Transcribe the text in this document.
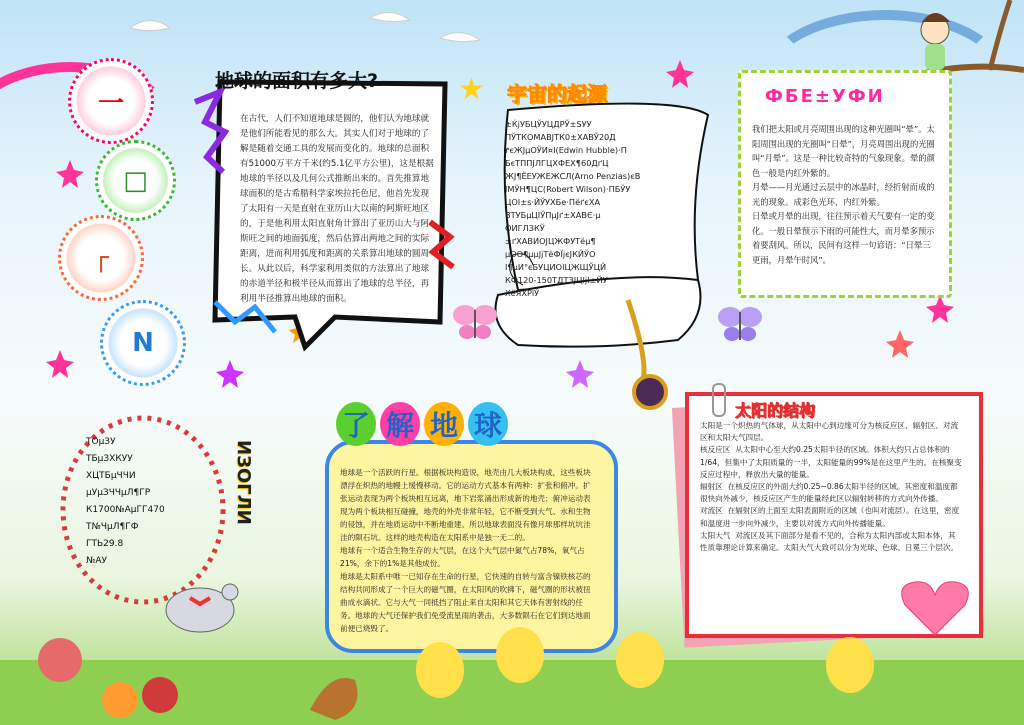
一
□
┌
N
地球的面积有多大?
在古代，人们不知道地球是圆的，他们认为地球就是他们所能看见的那么大。其实人们对于地球的了解是随着交通工具的发展而变化的。地球的总面积有51000万平方千米(约5.1亿平方公里)，这是根据地球的半径以及几何公式推断出来的。首先推算地球面积的是古希腊科学家埃拉托色尼，他首先发现了太阳有一天是直射在亚历山大以南的阿斯旺地区的，于是他利用太阳直射角计算出了亚历山大与阿斯旺之间的地面弧度，然后估算出两地之间的实际距离，进而利用弧度和距离的关系算出地球的圆周长。从此以后，科学家利用类似的方法算出了地球的赤道半径和极半径从而算出了地球的总半径，再利用半径推算出地球的面积。
★ 宇宙的起源
±ЌјУБЦЎУЦДРЎ±ЅУУ
ПЎТКОМАВЈТК߀±ХАВЎ20Д
۳єЖЈµОЎИ¤І(Edwin Hubble)·П
БєТППЈЛГЦХФЕХ¶60ДґЦ
ЖЈ¶ЁЕУЖЕЖСЛ(Arno Penzias)єВ
ІМЎН¶ЦС(Robert Wilson)·ПБЎУ
ЦОІ±s·ЙЎУХБе·ПёґєХА
ВТУБµЦІЎПµЈґ±ХАВЄ·µ
ОИГЛЗКЎ
±ґХАВИОЈЦЖФУТёµ¶
µОО¶µµЈјТёФЇјєЈКЙЎО
І¶µИ°єБУЦИОІЦЖЩЎЦЙ
КФ120-150ТДТЗЈЦІјІ±ЙУ
ХёЯХРіЎ
ФБЕ±УФИ
我们把太阳或月亮周围出现的这种光圈叫“晕”。太阳周围出现的光圈叫“日晕”，月亮周围出现的光圈叫“月晕”。这是一种比较奇特的气象现象。晕的颜色一般是内红外紫的。
月晕——月光通过云层中的冰晶时，经折射而成的光的现象。成彩色光环，内红外紫。
日晕或月晕的出现，往往预示着天气要有一定的变化。一般日晕预示下雨的可能性大，而月晕多预示着要刮风。所以，民间有这样一句谚语：“日晕三更雨，月晕午时风”。
ТОµЗУ
ТБµЗХКУУ
ХЦТБµЧЧИ
µУµЗЧЧµЛ¶ГР
К1700№АµГГ470
Т№ЧµЛ¶ГФ
ГТЬ29.8
№АУ
ИЗОГЛИ
了 解 地 球
地球是一个活跃的行星。根据板块构造说，地壳由几大板块构成，这些板块漂浮在炽热的地幔上缓慢移动。它的运动方式基本有两种：扩张和俯冲。扩张运动表现为两个板块相互远离，地下岩浆涌出形成新的地壳；俯冲运动表现为两个板块相互碰撞，地壳的外壳非常年轻，它不断受到大气、水和生物的侵蚀，并在地质运动中不断地重建。所以地球表面没有像月球那样坑坑洼洼的陨石坑。这样的地壳构造在太阳系中是独一无二的。
地球有一个适合生物生存的大气层，在这个大气层中氮气占78%，氧气占21%，余下的1%是其他成份。
地球是太阳系中唯一已知存在生命的行星，它快速的自转与富含镍铁核芯的结构共同形成了一个巨大的磁气圈，在太阳风的吹拂下，磁气圈的形状被扭曲成水滴状。它与大气一同抵挡了阻止来自太阳和其它天体有害射线的任务。地球的大气还保护我们免受流星雨的袭击，大多数陨石在它们到达地面前便已烧毁了。
太阳的结构
太阳是一个炽热的气体球，从太阳中心到边缘可分为核反应区、辐射区、对流区和太阳大气四层。
核反应区  从太阳中心至大约0.25太阳半径的区域。体积大约只占总体积的1/64，但集中了太阳质量的一半，太阳能量的99%是在这里产生的。在核聚变反应过程中，释放出大量的能量。
辐射区  在核反应区的外面大约0.25~0.86太阳半径的区域。其密度和温度都很快向外减少，核反应区产生的能量经此区以辐射转移的方式向外传播。
对流区  在辐射区的上面至太阳表面附近的区域（也叫对流层）。在这里，密度和温度进一步向外减少，主要以对流方式向外传播能量。
太阳大气  对流区及其下面部分是看不见的，合称为太阳内部或太阳本体，其性质靠理论计算来确定。太阳大气大致可以分为光球、色球、日冕三个层次。
